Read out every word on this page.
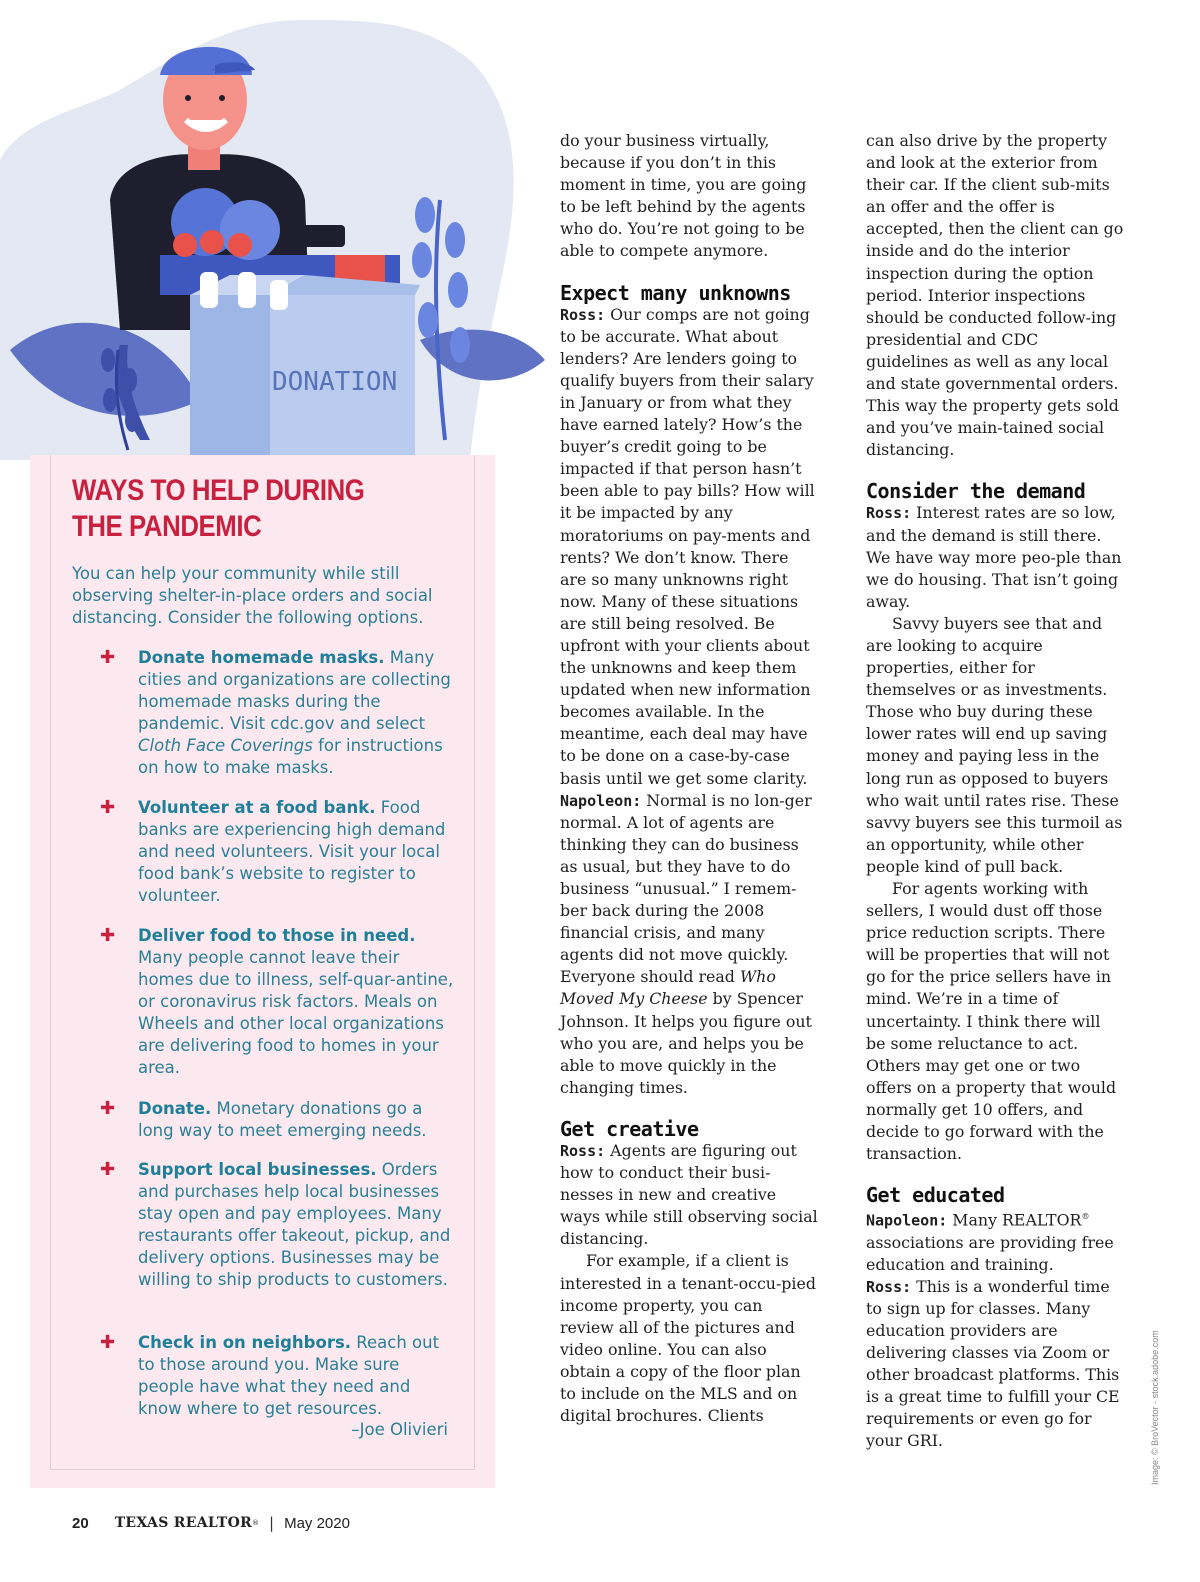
DONATION
WAYS TO HELP DURING
THE PANDEMIC

You can help your community while still observing shelter-in-place orders and social distancing. Consider the following options.

✚ Donate homemade masks. Many cities and organizations are collecting homemade masks during the pandemic. Visit cdc.gov and select Cloth Face Coverings for instructions on how to make masks.

✚ Volunteer at a food bank. Food banks are experiencing high demand and need volunteers. Visit your local food bank’s website to register to volunteer.

✚ Deliver food to those in need. Many people cannot leave their homes due to illness, self-quar-antine, or coronavirus risk factors. Meals on Wheels and other local organizations are delivering food to homes in your area.

✚ Donate. Monetary donations go a long way to meet emerging needs.

✚ Support local businesses. Orders and purchases help local businesses stay open and pay employees. Many restaurants offer takeout, pickup, and delivery options. Businesses may be willing to ship products to customers.

✚ Check in on neighbors. Reach out to those around you. Make sure people have what they need and know where to get resources.

–Joe Olivieri

do your business virtually, because if you don’t in this moment in time, you are going to be left behind by the agents who do. You’re not going to be able to compete anymore.

Expect many unknowns

Ross: Our comps are not going to be accurate. What about lenders? Are lenders going to qualify buyers from their salary in January or from what they have earned lately? How’s the buyer’s credit going to be impacted if that person hasn’t been able to pay bills? How will it be impacted by any moratoriums on pay-ments and rents? We don’t know. There are so many unknowns right now. Many of these situations are still being resolved. Be upfront with your clients about the unknowns and keep them updated when new information becomes available. In the meantime, each deal may have to be done on a case-by-case basis until we get some clarity.

Napoleon: Normal is no lon-ger normal. A lot of agents are thinking they can do business as usual, but they have to do business “unusual.” I remem-ber back during the 2008 financial crisis, and many agents did not move quickly. Everyone should read Who Moved My Cheese by Spencer Johnson. It helps you figure out who you are, and helps you be able to move quickly in the changing times.

Get creative

Ross: Agents are figuring out how to conduct their busi-nesses in new and creative ways while still observing social distancing.

For example, if a client is interested in a tenant-occu-pied income property, you can review all of the pictures and video online. You can also obtain a copy of the floor plan to include on the MLS and on digital brochures. Clients

can also drive by the property and look at the exterior from their car. If the client sub-mits an offer and the offer is accepted, then the client can go inside and do the interior inspection during the option period. Interior inspections should be conducted follow-ing presidential and CDC guidelines as well as any local and state governmental orders. This way the property gets sold and you’ve main-tained social distancing.

Consider the demand

Ross: Interest rates are so low, and the demand is still there. We have way more peo-ple than we do housing. That isn’t going away.

Savvy buyers see that and are looking to acquire properties, either for themselves or as investments. Those who buy during these lower rates will end up saving money and paying less in the long run as opposed to buyers who wait until rates rise. These savvy buyers see this turmoil as an opportunity, while other people kind of pull back.

For agents working with sellers, I would dust off those price reduction scripts. There will be properties that will not go for the price sellers have in mind. We’re in a time of uncertainty. I think there will be some reluctance to act. Others may get one or two offers on a property that would normally get 10 offers, and decide to go forward with the transaction.

Get educated

Napoleon: Many REALTOR® associations are providing free education and training.

Ross: This is a wonderful time to sign up for classes. Many education providers are delivering classes via Zoom or other broadcast platforms. This is a great time to fulfill your CE requirements or even go for your GRI.

20 TEXAS REALTOR ® | May 2020
Image: © BroVector - stock.adobe.com
